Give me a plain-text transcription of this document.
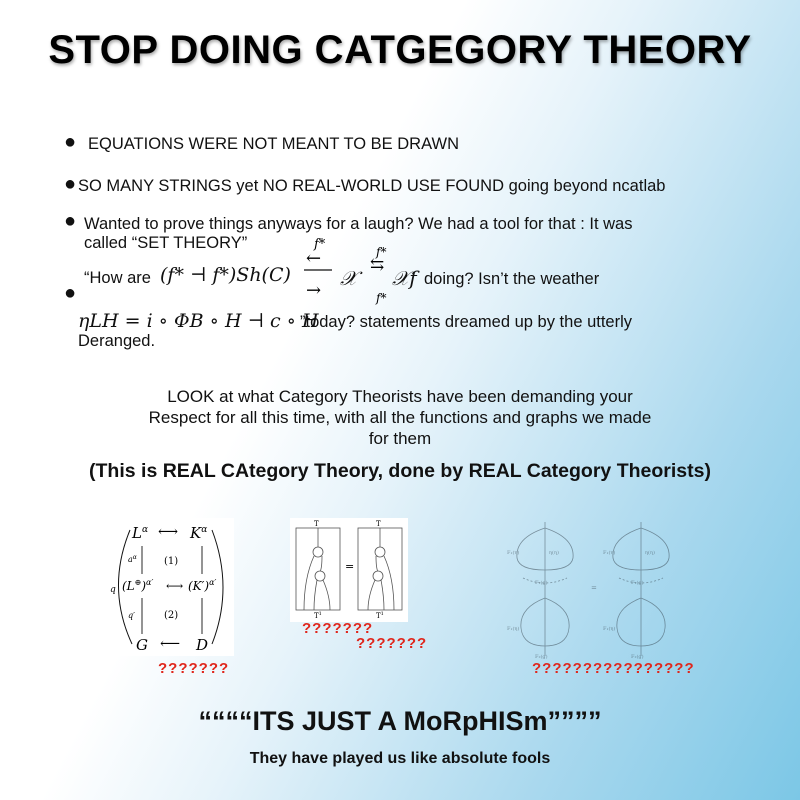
STOP DOING CATGEGORY THEORY
● EQUATIONS WERE NOT MEANT TO BE DRAWN
● SO MANY STRINGS yet NO REAL-WORLD USE FOUND going beyond ncatlab
● Wanted to prove things anyways for a laugh? We had a tool for that : It was
called “SET THEORY”
●
“How are (f* ⊣ f*)Sh(C)
f*
←
→
f*
⇆
f*
𝒳 𝒳f doing? Isn’t the weather
ηLH = i ∘ ΦB ∘ H ⊣ c ∘ H
”today? statements dreamed up by the utterly
Deranged.
LOOK at what Category Theorists have been demanding your
Respect for all this time, with all the functions and graphs we made
for them
(This is REAL CAtegory Theory, done by REAL Category Theorists)
$L^\alpha$ ⟷ $K^\alpha$
$(L^\oplus)^{\alpha'}$ ⟷ $(K')^{\alpha'}$
G ⟵ D
(1)
(2)
$a^\alpha$
q′
q
???????
T	T
=
$T^1$	$T^1$
???????
???????
F₁(η)	η(η)
F₁(g)
F₁(η)
F₂(g)
F₁(η)	η(η)
F₁(g)
F₁(η)
F₂(g)
=
????????????????
““““ITS JUST A MoRpHISm””””
They have played us like absolute fools
